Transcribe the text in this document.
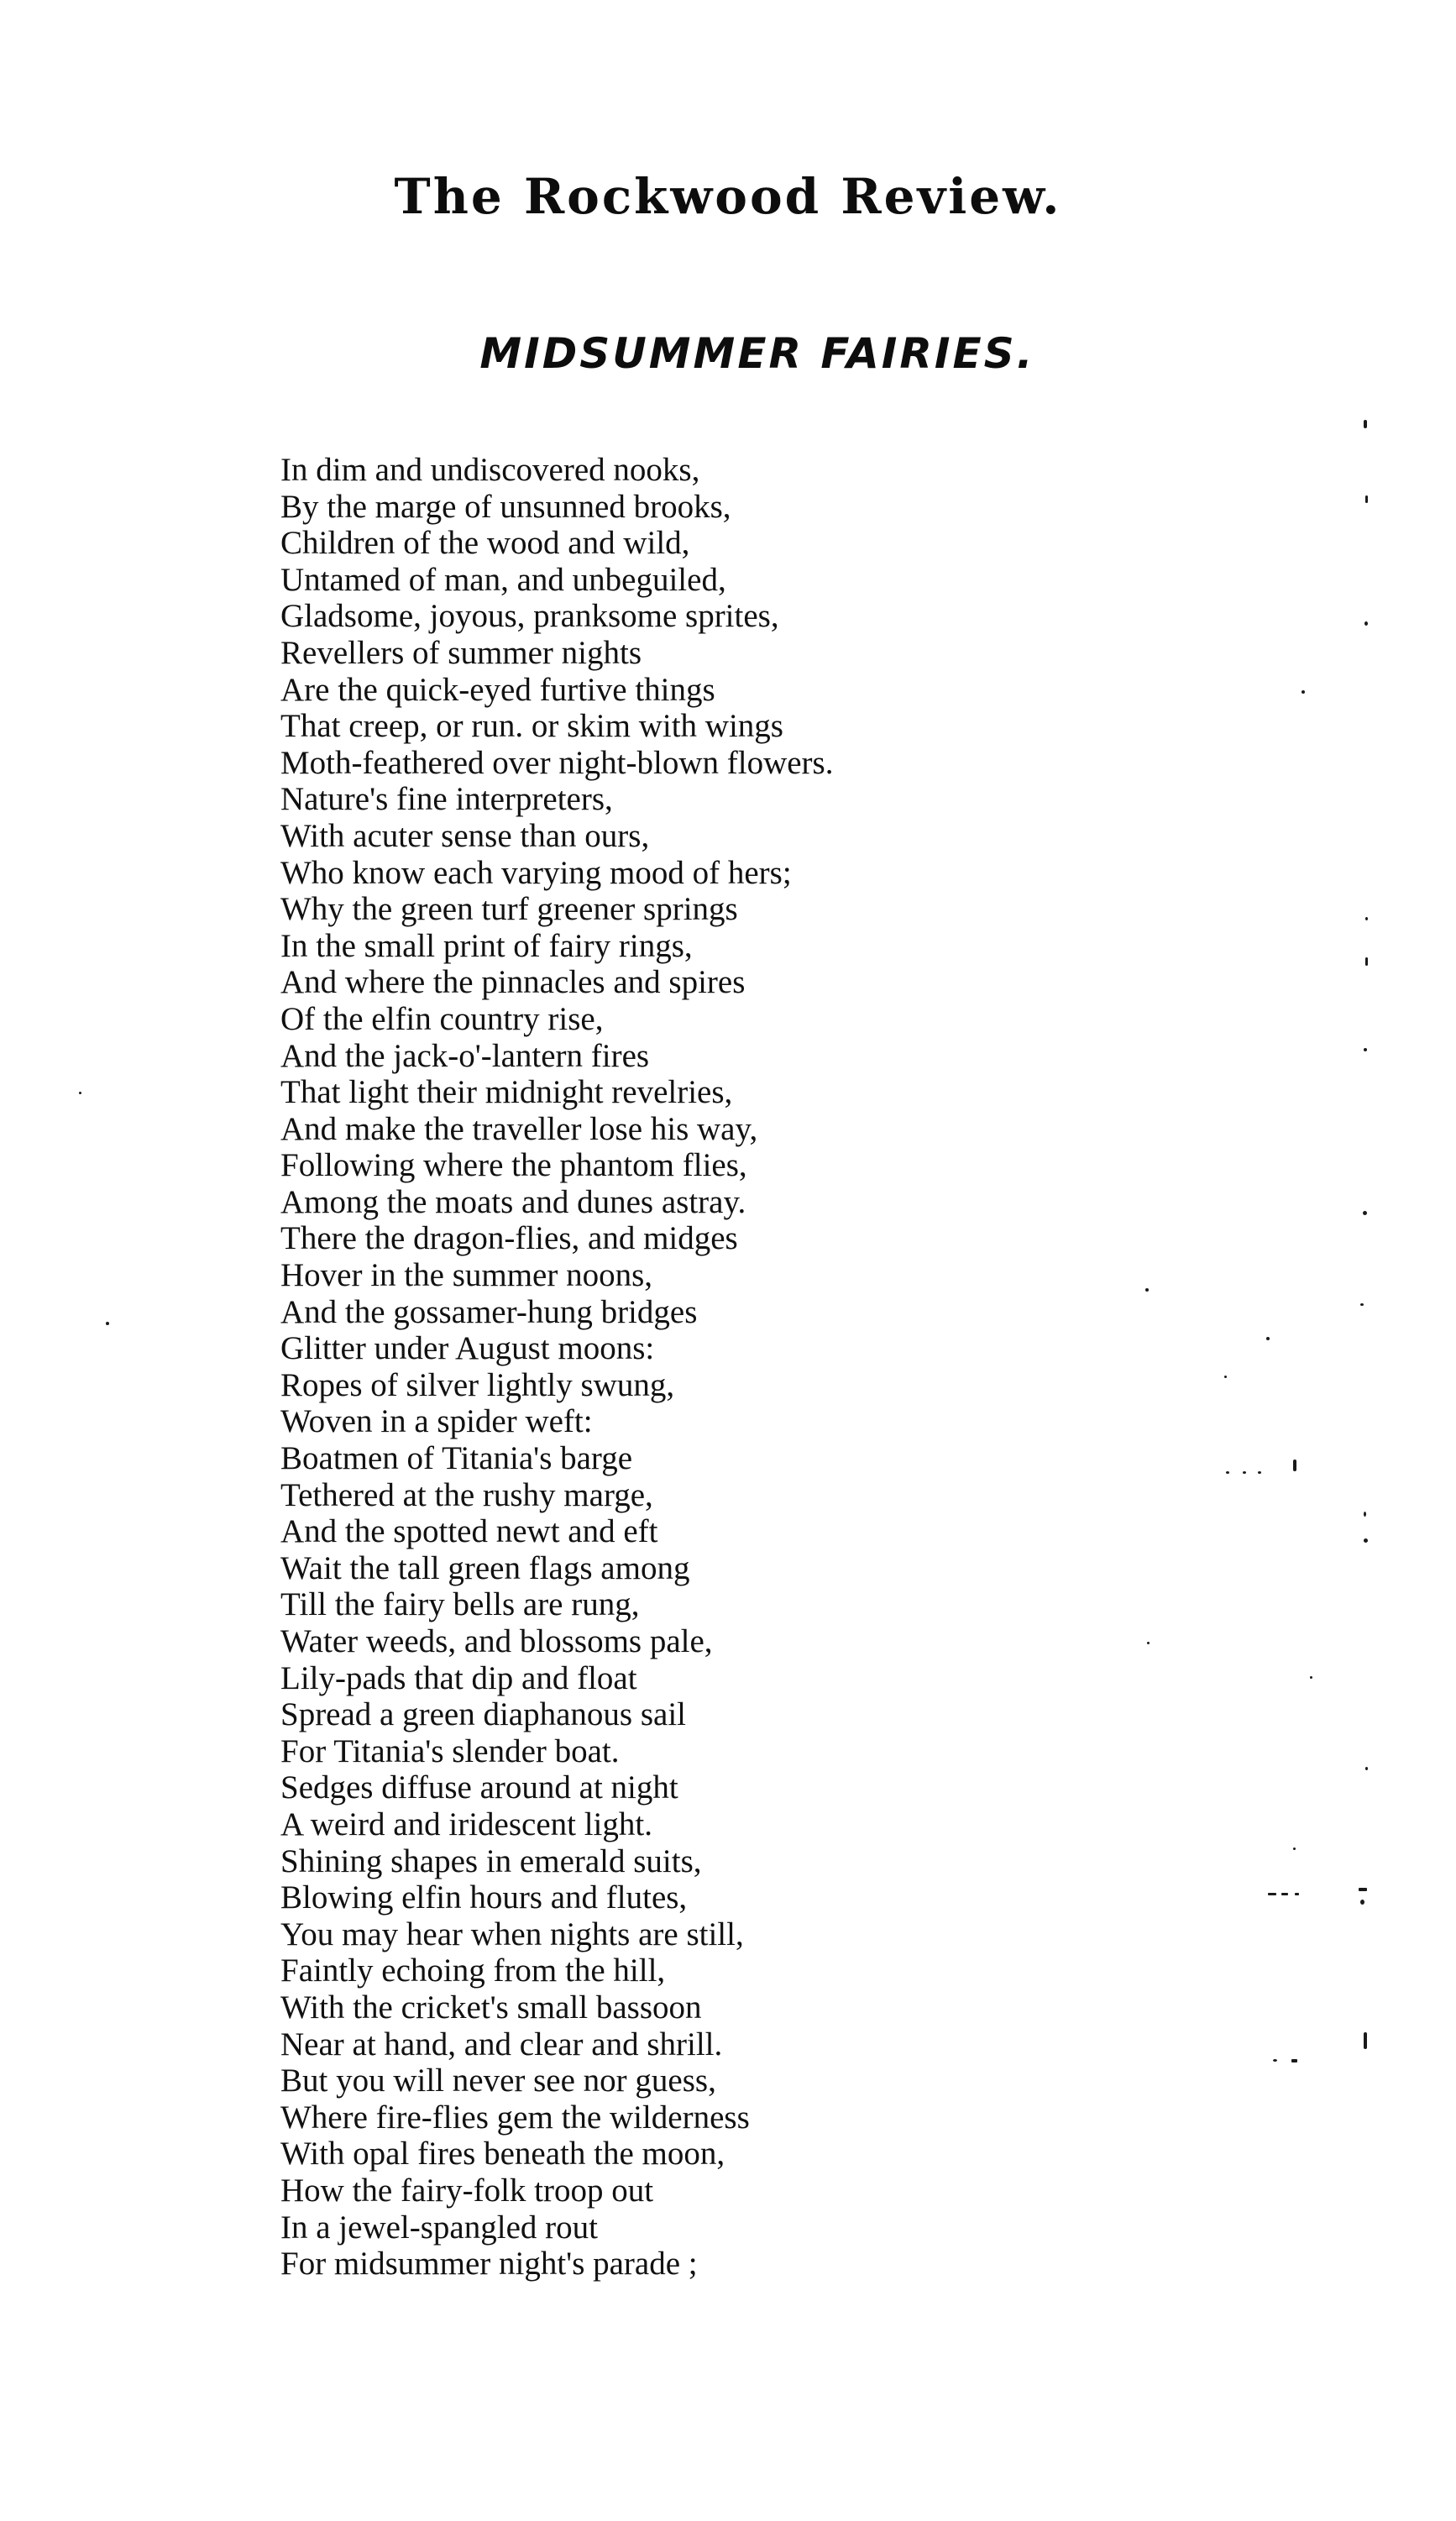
The Rockwood Review.
MIDSUMMER FAIRIES.
In dim and undiscovered nooks,
By the marge of unsunned brooks,
Children of the wood and wild,
Untamed of man, and unbeguiled,
Gladsome, joyous, pranksome sprites,
Revellers of summer nights
Are the quick-eyed furtive things
That creep, or run. or skim with wings
Moth-feathered over night-blown flowers.
Nature's fine interpreters,
With acuter sense than ours,
Who know each varying mood of hers;
Why the green turf greener springs
In the small print of fairy rings,
And where the pinnacles and spires
Of the elfin country rise,
And the jack-o'-lantern fires
That light their midnight revelries,
And make the traveller lose his way,
Following where the phantom flies,
Among the moats and dunes astray.
There the dragon-flies, and midges
Hover in the summer noons,
And the gossamer-hung bridges
Glitter under August moons:
Ropes of silver lightly swung,
Woven in a spider weft:
Boatmen of Titania's barge
Tethered at the rushy marge,
And the spotted newt and eft
Wait the tall green flags among
Till the fairy bells are rung,
Water weeds, and blossoms pale,
Lily-pads that dip and float
Spread a green diaphanous sail
For Titania's slender boat.
Sedges diffuse around at night
A weird and iridescent light.
Shining shapes in emerald suits,
Blowing elfin hours and flutes,
You may hear when nights are still,
Faintly echoing from the hill,
With the cricket's small bassoon
Near at hand, and clear and shrill.
But you will never see nor guess,
Where fire-flies gem the wilderness
With opal fires beneath the moon,
How the fairy-folk troop out
In a jewel-spangled rout
For midsummer night's parade ;
